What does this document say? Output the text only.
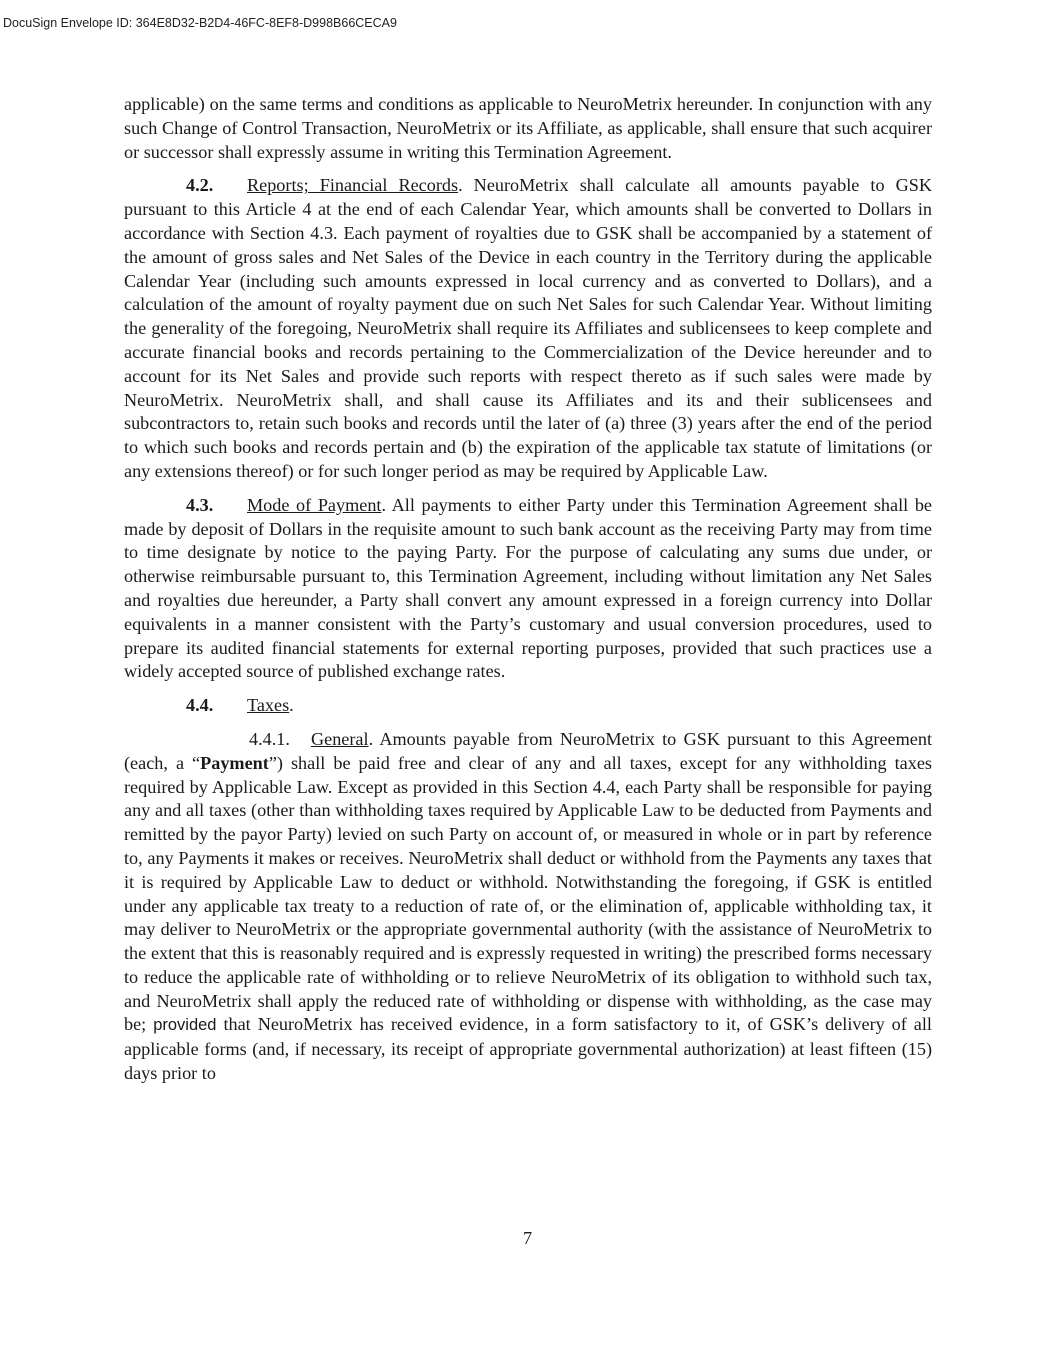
DocuSign Envelope ID: 364E8D32-B2D4-46FC-8EF8-D998B66CECA9

applicable) on the same terms and conditions as applicable to NeuroMetrix hereunder. In conjunction with any such Change of Control Transaction, NeuroMetrix or its Affiliate, as applicable, shall ensure that such acquirer or successor shall expressly assume in writing this Termination Agreement.

4.2. Reports; Financial Records. NeuroMetrix shall calculate all amounts payable to GSK pursuant to this Article 4 at the end of each Calendar Year, which amounts shall be converted to Dollars in accordance with Section 4.3. Each payment of royalties due to GSK shall be accompanied by a statement of the amount of gross sales and Net Sales of the Device in each country in the Territory during the applicable Calendar Year (including such amounts expressed in local currency and as converted to Dollars), and a calculation of the amount of royalty payment due on such Net Sales for such Calendar Year. Without limiting the generality of the foregoing, NeuroMetrix shall require its Affiliates and sublicensees to keep complete and accurate financial books and records pertaining to the Commercialization of the Device hereunder and to account for its Net Sales and provide such reports with respect thereto as if such sales were made by NeuroMetrix. NeuroMetrix shall, and shall cause its Affiliates and its and their sublicensees and subcontractors to, retain such books and records until the later of (a) three (3) years after the end of the period to which such books and records pertain and (b) the expiration of the applicable tax statute of limitations (or any extensions thereof) or for such longer period as may be required by Applicable Law.

4.3. Mode of Payment. All payments to either Party under this Termination Agreement shall be made by deposit of Dollars in the requisite amount to such bank account as the receiving Party may from time to time designate by notice to the paying Party. For the purpose of calculating any sums due under, or otherwise reimbursable pursuant to, this Termination Agreement, including without limitation any Net Sales and royalties due hereunder, a Party shall convert any amount expressed in a foreign currency into Dollar equivalents in a manner consistent with the Party’s customary and usual conversion procedures, used to prepare its audited financial statements for external reporting purposes, provided that such practices use a widely accepted source of published exchange rates.

4.4. Taxes.

4.4.1. General. Amounts payable from NeuroMetrix to GSK pursuant to this Agreement (each, a “Payment”) shall be paid free and clear of any and all taxes, except for any withholding taxes required by Applicable Law. Except as provided in this Section 4.4, each Party shall be responsible for paying any and all taxes (other than withholding taxes required by Applicable Law to be deducted from Payments and remitted by the payor Party) levied on such Party on account of, or measured in whole or in part by reference to, any Payments it makes or receives. NeuroMetrix shall deduct or withhold from the Payments any taxes that it is required by Applicable Law to deduct or withhold. Notwithstanding the foregoing, if GSK is entitled under any applicable tax treaty to a reduction of rate of, or the elimination of, applicable withholding tax, it may deliver to NeuroMetrix or the appropriate governmental authority (with the assistance of NeuroMetrix to the extent that this is reasonably required and is expressly requested in writing) the prescribed forms necessary to reduce the applicable rate of withholding or to relieve NeuroMetrix of its obligation to withhold such tax, and NeuroMetrix shall apply the reduced rate of withholding or dispense with withholding, as the case may be; provided that NeuroMetrix has received evidence, in a form satisfactory to it, of GSK’s delivery of all applicable forms (and, if necessary, its receipt of appropriate governmental authorization) at least fifteen (15) days prior to

7
